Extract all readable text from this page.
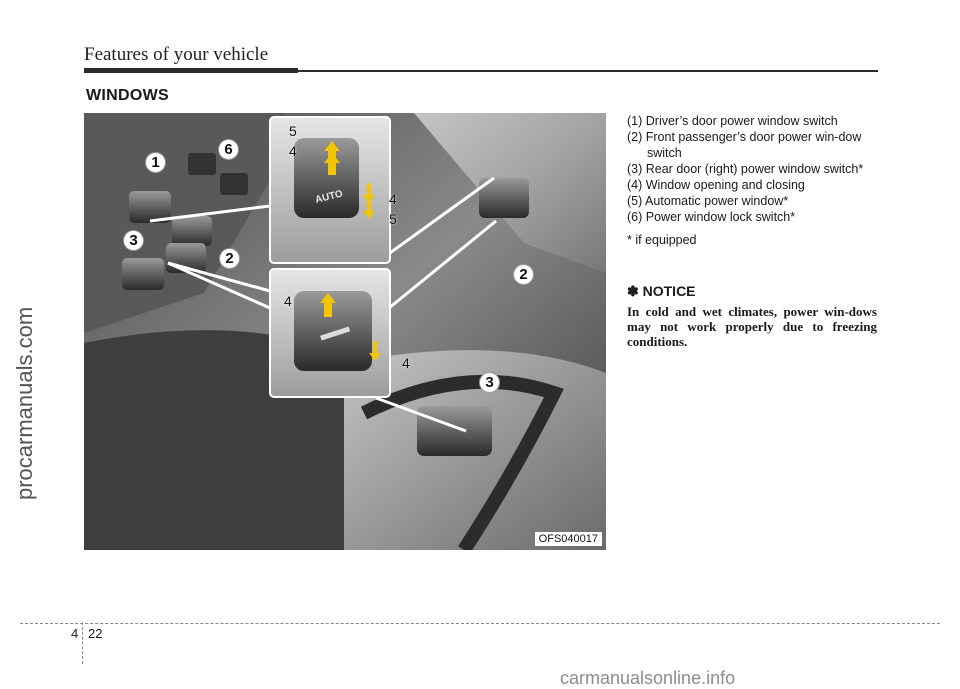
Features of your vehicle
WINDOWS
procarmanuals.com
AUTO
1
6
3
2
2
3
5
4
4
5
4
4
OFS040017

(1) Driver’s door power window switch

(2) Front passenger’s door power win-dow switch

(3) Rear door (right) power window switch*

(4) Window opening and closing

(5) Automatic power window*

(6) Power window lock switch*

* if equipped

✽ NOTICE
In cold and wet climates, power win-dows may not work properly due to freezing conditions.
4 22
carmanualsonline.info
